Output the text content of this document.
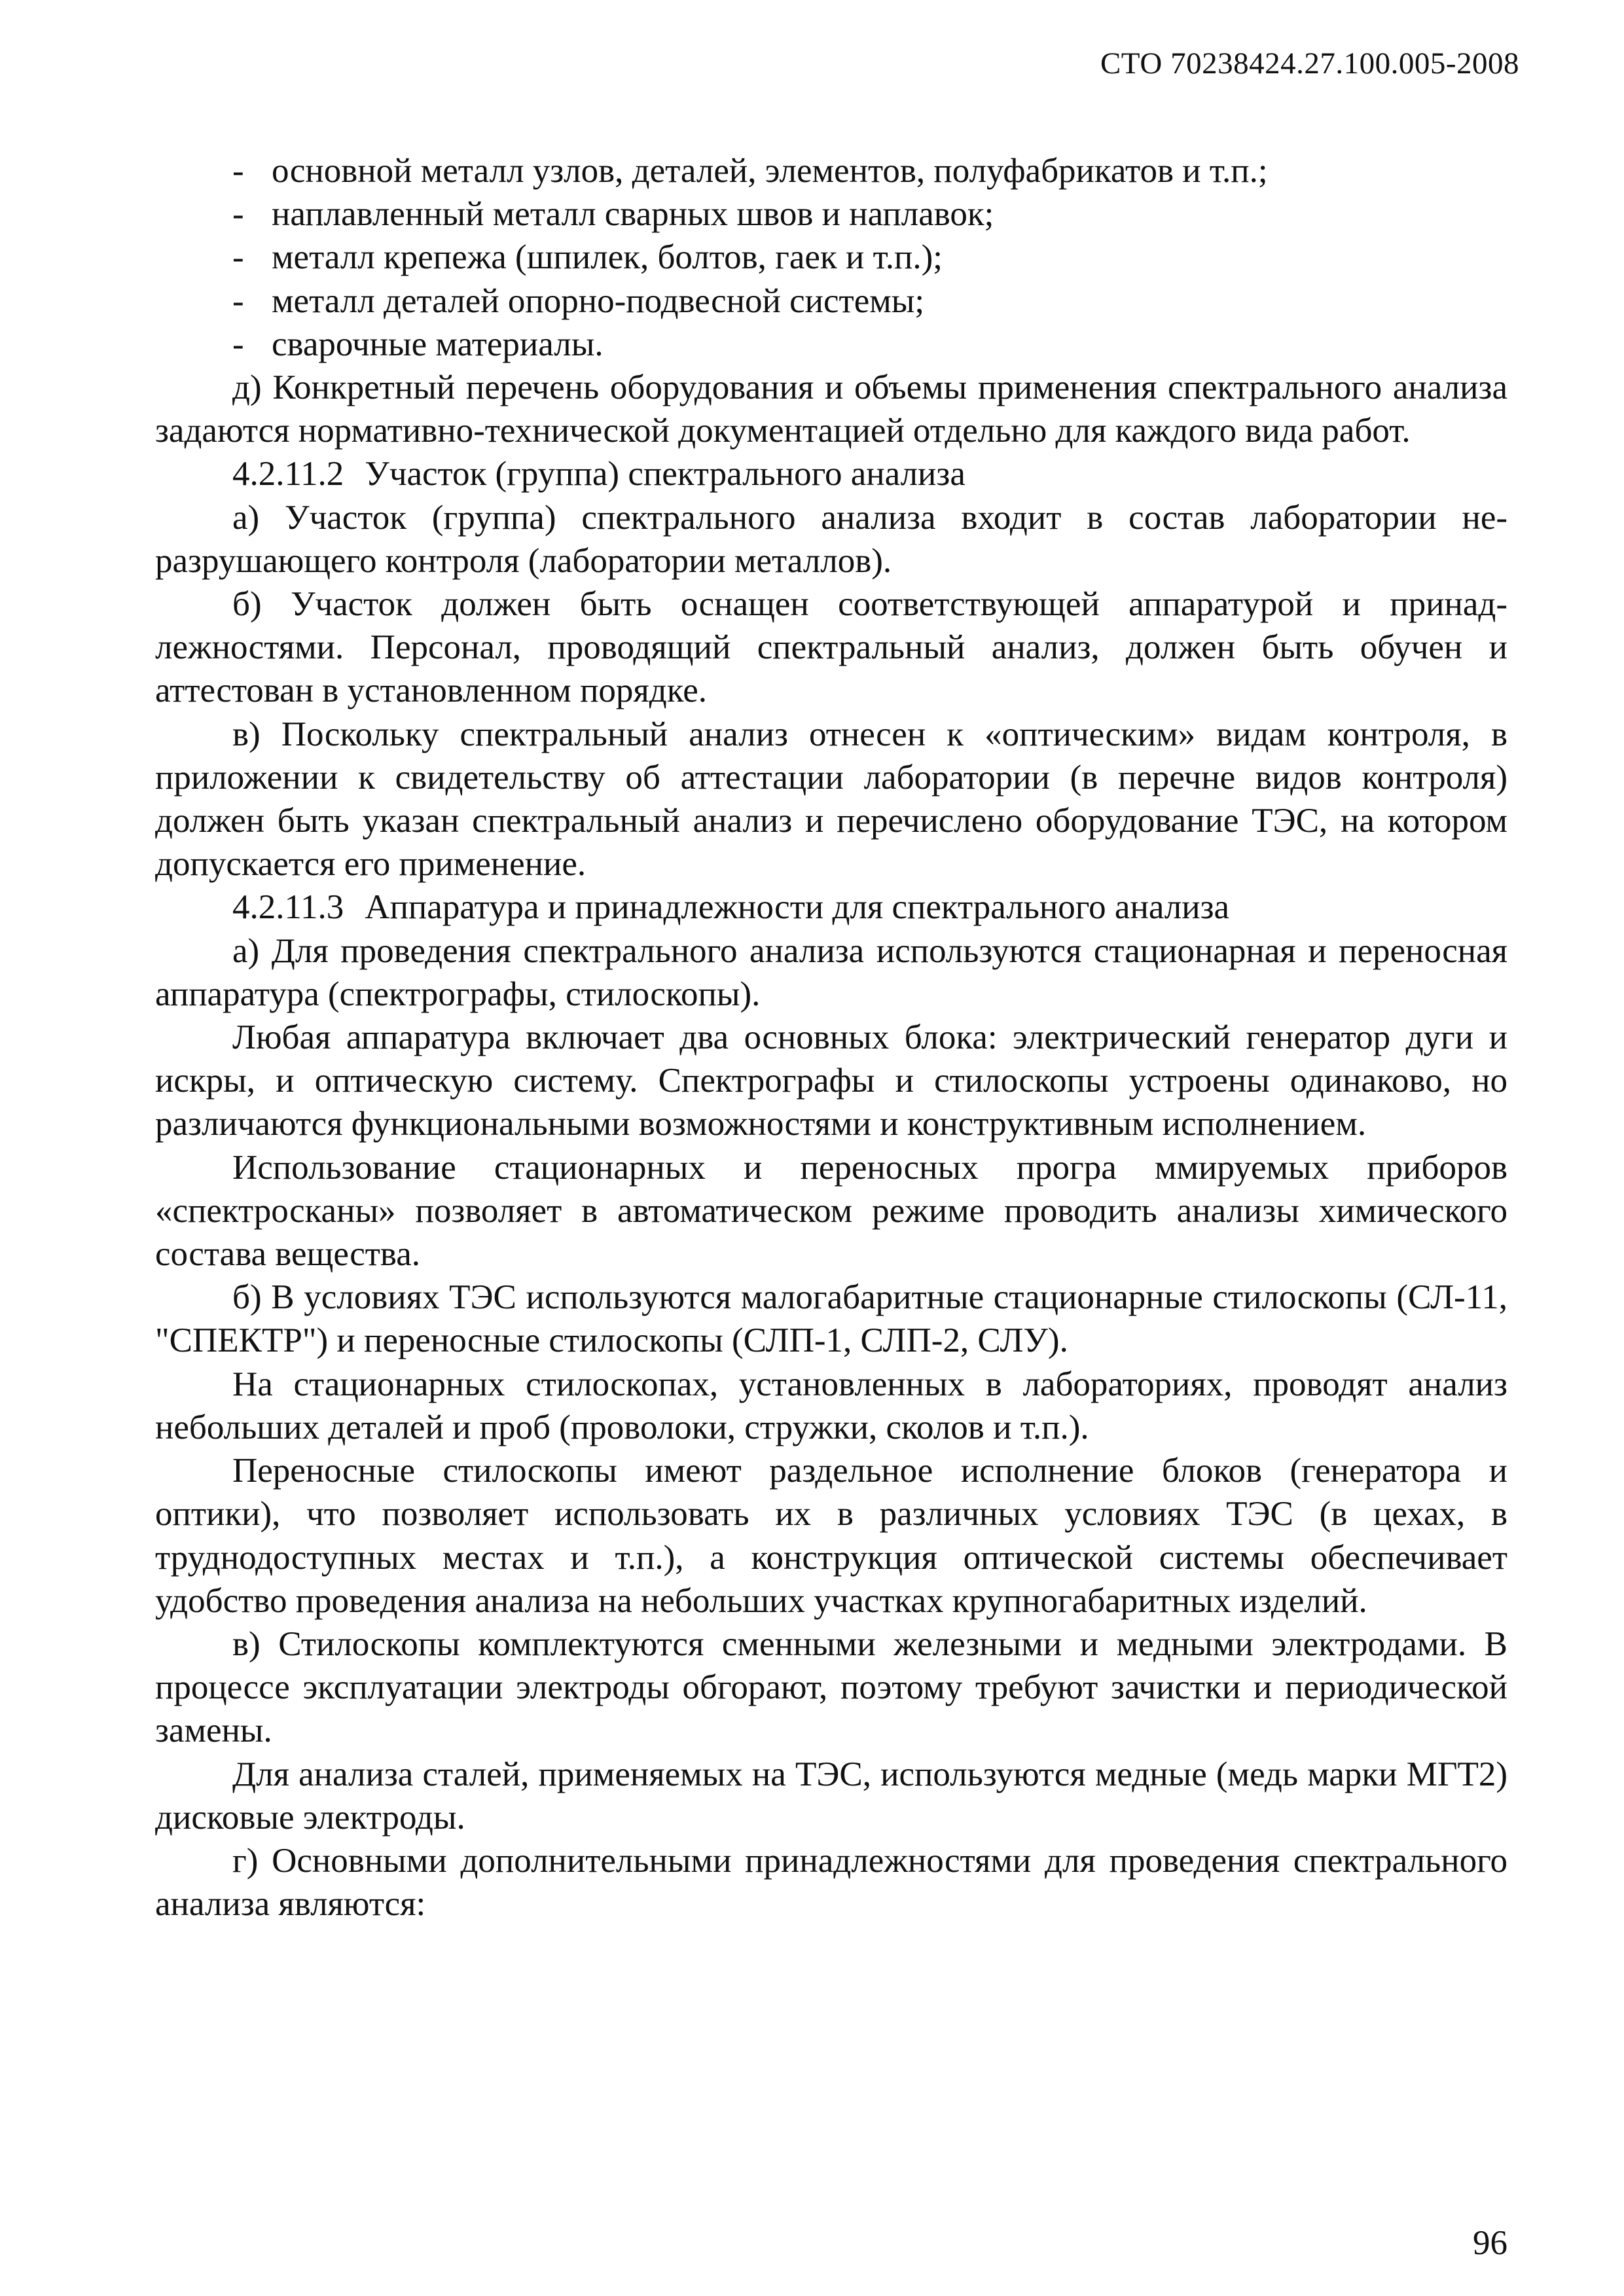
СТО 70238424.27.100.005-2008

- основной металл узлов, деталей, элементов, полуфабрикатов и т.п.;

- наплавленный металл сварных швов и наплавок;

- металл крепежа (шпилек, болтов, гаек и т.п.);

- металл деталей опорно-подвесной системы;

- сварочные материалы.

д) Конкретный перечень оборудования и объемы применения спектрального анализа задаются нормативно-технической документацией отдельно для каждого вида работ.

4.2.11.2 Участок (группа) спектрального анализа

а) Участок (группа) спектрального анализа входит в состав лаборатории неразрушающего контроля (лаборатории металлов).

б) Участок должен быть оснащен соответствующей аппаратурой и принадлежностями. Персонал, проводящий спектральный анализ, должен быть обучен и аттестован в установленном порядке.

в) Поскольку спектральный анализ отнесен к «оптическим» видам контроля, в приложении к свидетельству об аттестации лаборатории (в перечне видов контроля) должен быть указан спектральный анализ и перечислено оборудование ТЭС, на котором допускается его применение.

4.2.11.3 Аппаратура и принадлежности для спектрального анализа

а) Для проведения спектрального анализа используются стационарная и переносная аппаратура (спектрографы, стилоскопы).

Любая аппаратура включает два основных блока: электрический генератор дуги и искры, и оптическую систему. Спектрографы и стилоскопы устроены одинаково, но различаются функциональными возможностями и конструктивным исполнением.

Использование стационарных и переносных програ ммируемых приборов «спектросканы» позволяет в автоматическом режиме проводить анализы химического состава вещества.

б) В условиях ТЭС используются малогабаритные стационарные стилоскопы (СЛ-11, "СПЕКТР") и переносные стилоскопы (СЛП-1, СЛП-2, СЛУ).

На стационарных стилоскопах, установленных в лабораториях, проводят анализ небольших деталей и проб (проволоки, стружки, сколов и т.п.).

Переносные стилоскопы имеют раздельное исполнение блоков (генератора и оптики), что позволяет использовать их в различных условиях ТЭС (в цехах, в труднодоступных местах и т.п.), а конструкция оптической системы обеспечивает удобство проведения анализа на небольших участках крупногабаритных изделий.

в) Стилоскопы комплектуются сменными железными и медными электродами. В процессе эксплуатации электроды обгорают, поэтому требуют зачистки и периодической замены.

Для анализа сталей, применяемых на ТЭС, используются медные (медь марки МГТ2) дисковые электроды.

г) Основными дополнительными принадлежностями для проведения спектрального анализа являются:

96
